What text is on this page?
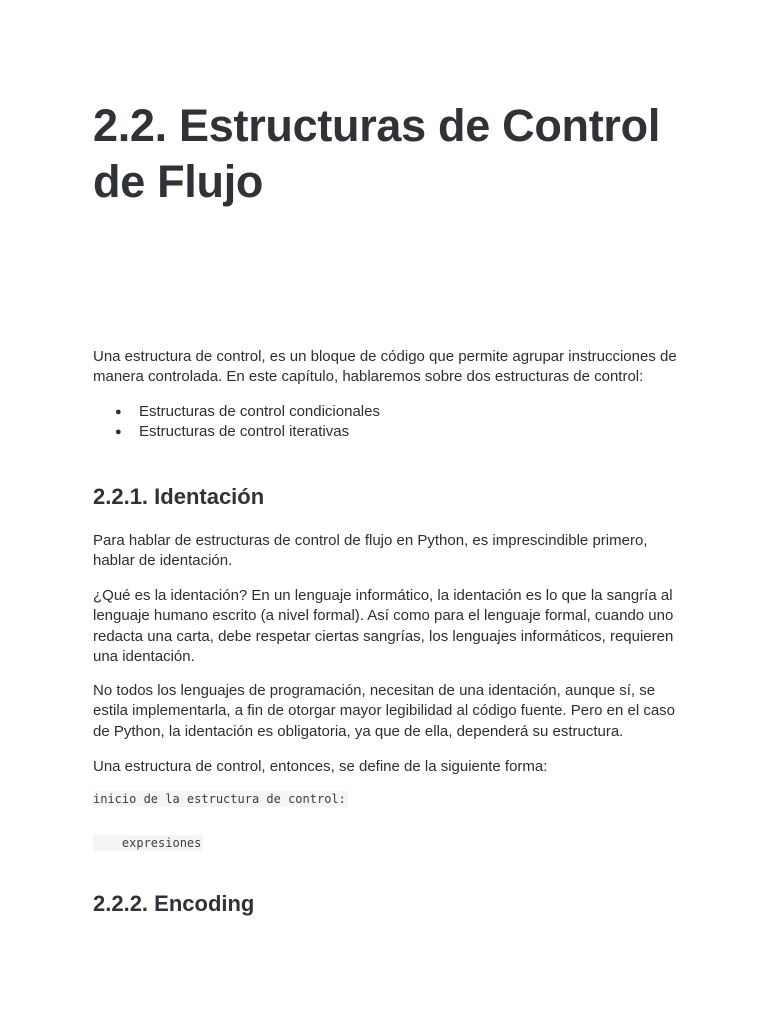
2.2. Estructuras de Control de Flujo

Una estructura de control, es un bloque de código que permite agrupar instrucciones de manera controlada. En este capítulo, hablaremos sobre dos estructuras de control:

● Estructuras de control condicionales
● Estructuras de control iterativas
2.2.1. Identación

Para hablar de estructuras de control de flujo en Python, es imprescindible primero, hablar de identación.

¿Qué es la identación? En un lenguaje informático, la identación es lo que la sangría al lenguaje humano escrito (a nivel formal). Así como para el lenguaje formal, cuando uno redacta una carta, debe respetar ciertas sangrías, los lenguajes informáticos, requieren una identación.

No todos los lenguajes de programación, necesitan de una identación, aunque sí, se estila implementarla, a fin de otorgar mayor legibilidad al código fuente. Pero en el caso de Python, la identación es obligatoria, ya que de ella, dependerá su estructura.

Una estructura de control, entonces, se define de la siguiente forma:

inicio de la estructura de control:
expresiones
2.2.2. Encoding
